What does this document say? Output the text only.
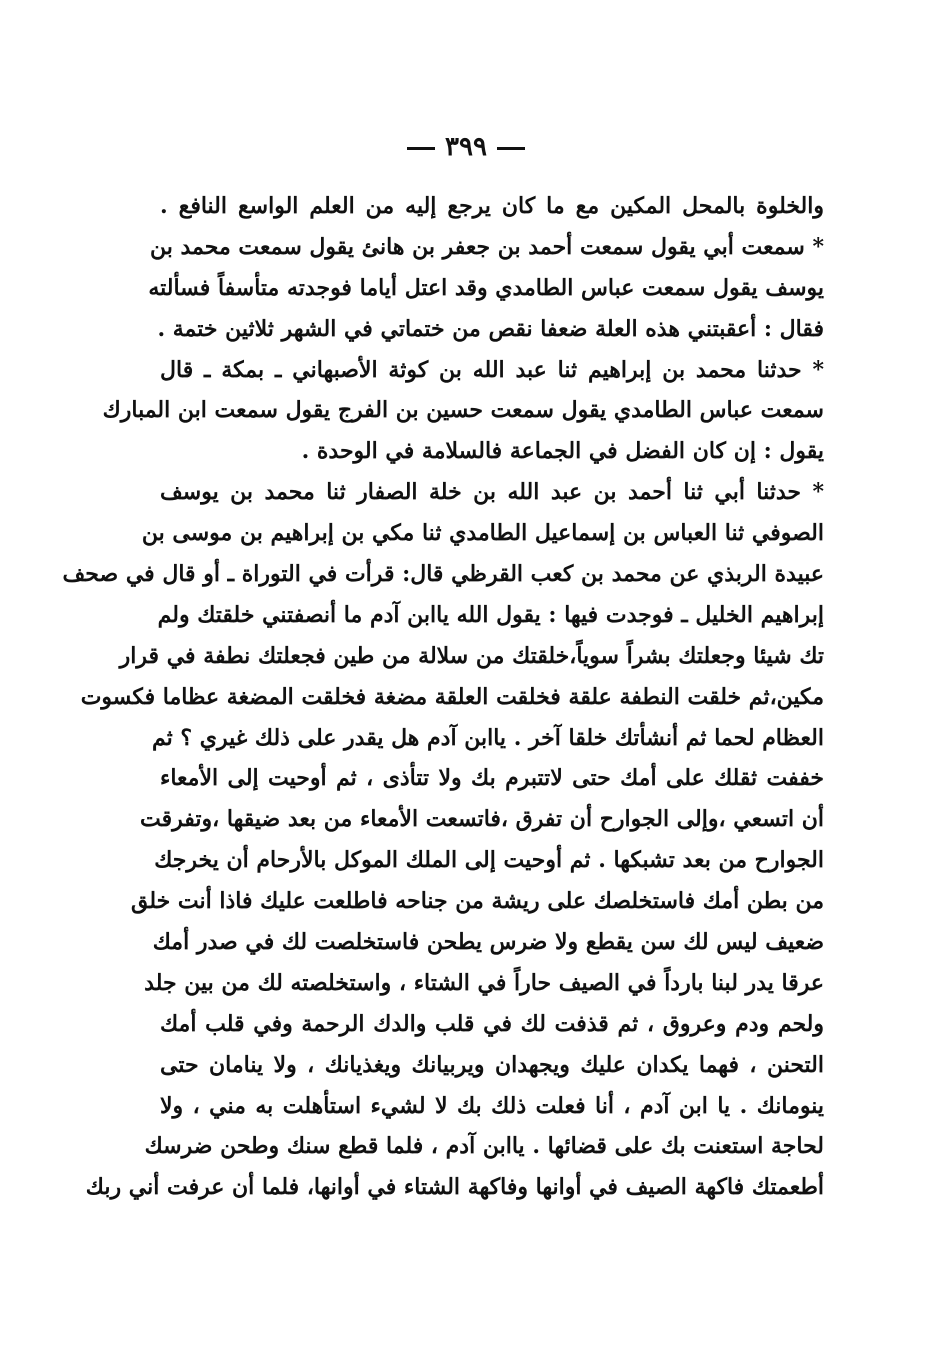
٣٩٩
والخلوة بالمحل المكين مع ما كان يرجع إليه من العلم الواسع النافع .
* سمعت أبي يقول سمعت أحمد بن جعفر بن هانئ يقول سمعت محمد بن
يوسف يقول سمعت عباس الطامدي وقد اعتل أياما فوجدته متأسفاً فسألته
فقال : أعقبتني هذه العلة ضعفا نقص من ختماتي في الشهر ثلاثين ختمة .
* حدثنا محمد بن إبراهيم ثنا عبد الله بن كوثة الأصبهاني ـ بمكة ـ قال
سمعت عباس الطامدي يقول سمعت حسين بن الفرج يقول سمعت ابن المبارك
يقول : إن كان الفضل في الجماعة فالسلامة في الوحدة .
* حدثنا أبي ثنا أحمد بن عبد الله بن خلة الصفار ثنا محمد بن يوسف
الصوفي ثنا العباس بن إسماعيل الطامدي ثنا مكي بن إبراهيم بن موسى بن
عبيدة الربذي عن محمد بن كعب القرظي قال: قرأت في التوراة ـ أو قال في صحف
إبراهيم الخليل ـ فوجدت فيها : يقول الله ياابن آدم ما أنصفتني خلقتك ولم
تك شيئا وجعلتك بشراً سوياً،خلقتك من سلالة من طين فجعلتك نطفة في قرار
مكين،ثم خلقت النطفة علقة فخلقت العلقة مضغة فخلقت المضغة عظاما فكسوت
العظام لحما ثم أنشأتك خلقا آخر . ياابن آدم هل يقدر على ذلك غيري ؟ ثم
خففت ثقلك على أمك حتى لاتتبرم بك ولا تتأذى ، ثم أوحيت إلى الأمعاء
أن اتسعي ،وإلى الجوارح أن تفرق ،فاتسعت الأمعاء من بعد ضيقها ،وتفرقت
الجوارح من بعد تشبكها . ثم أوحيت إلى الملك الموكل بالأرحام أن يخرجك
من بطن أمك فاستخلصك على ريشة من جناحه فاطلعت عليك فاذا أنت خلق
ضعيف ليس لك سن يقطع ولا ضرس يطحن فاستخلصت لك في صدر أمك
عرقا يدر لبنا بارداً في الصيف حاراً في الشتاء ، واستخلصته لك من بين جلد
ولحم ودم وعروق ، ثم قذفت لك في قلب والدك الرحمة وفي قلب أمك
التحنن ، فهما يكدان عليك ويجهدان ويربيانك ويغذيانك ، ولا ينامان حتى
ينومانك . يا ابن آدم ، أنا فعلت ذلك بك لا لشيء استأهلت به مني ، ولا
لحاجة استعنت بك على قضائها . ياابن آدم ، فلما قطع سنك وطحن ضرسك
أطعمتك فاكهة الصيف في أوانها وفاكهة الشتاء في أوانها، فلما أن عرفت أني ربك
